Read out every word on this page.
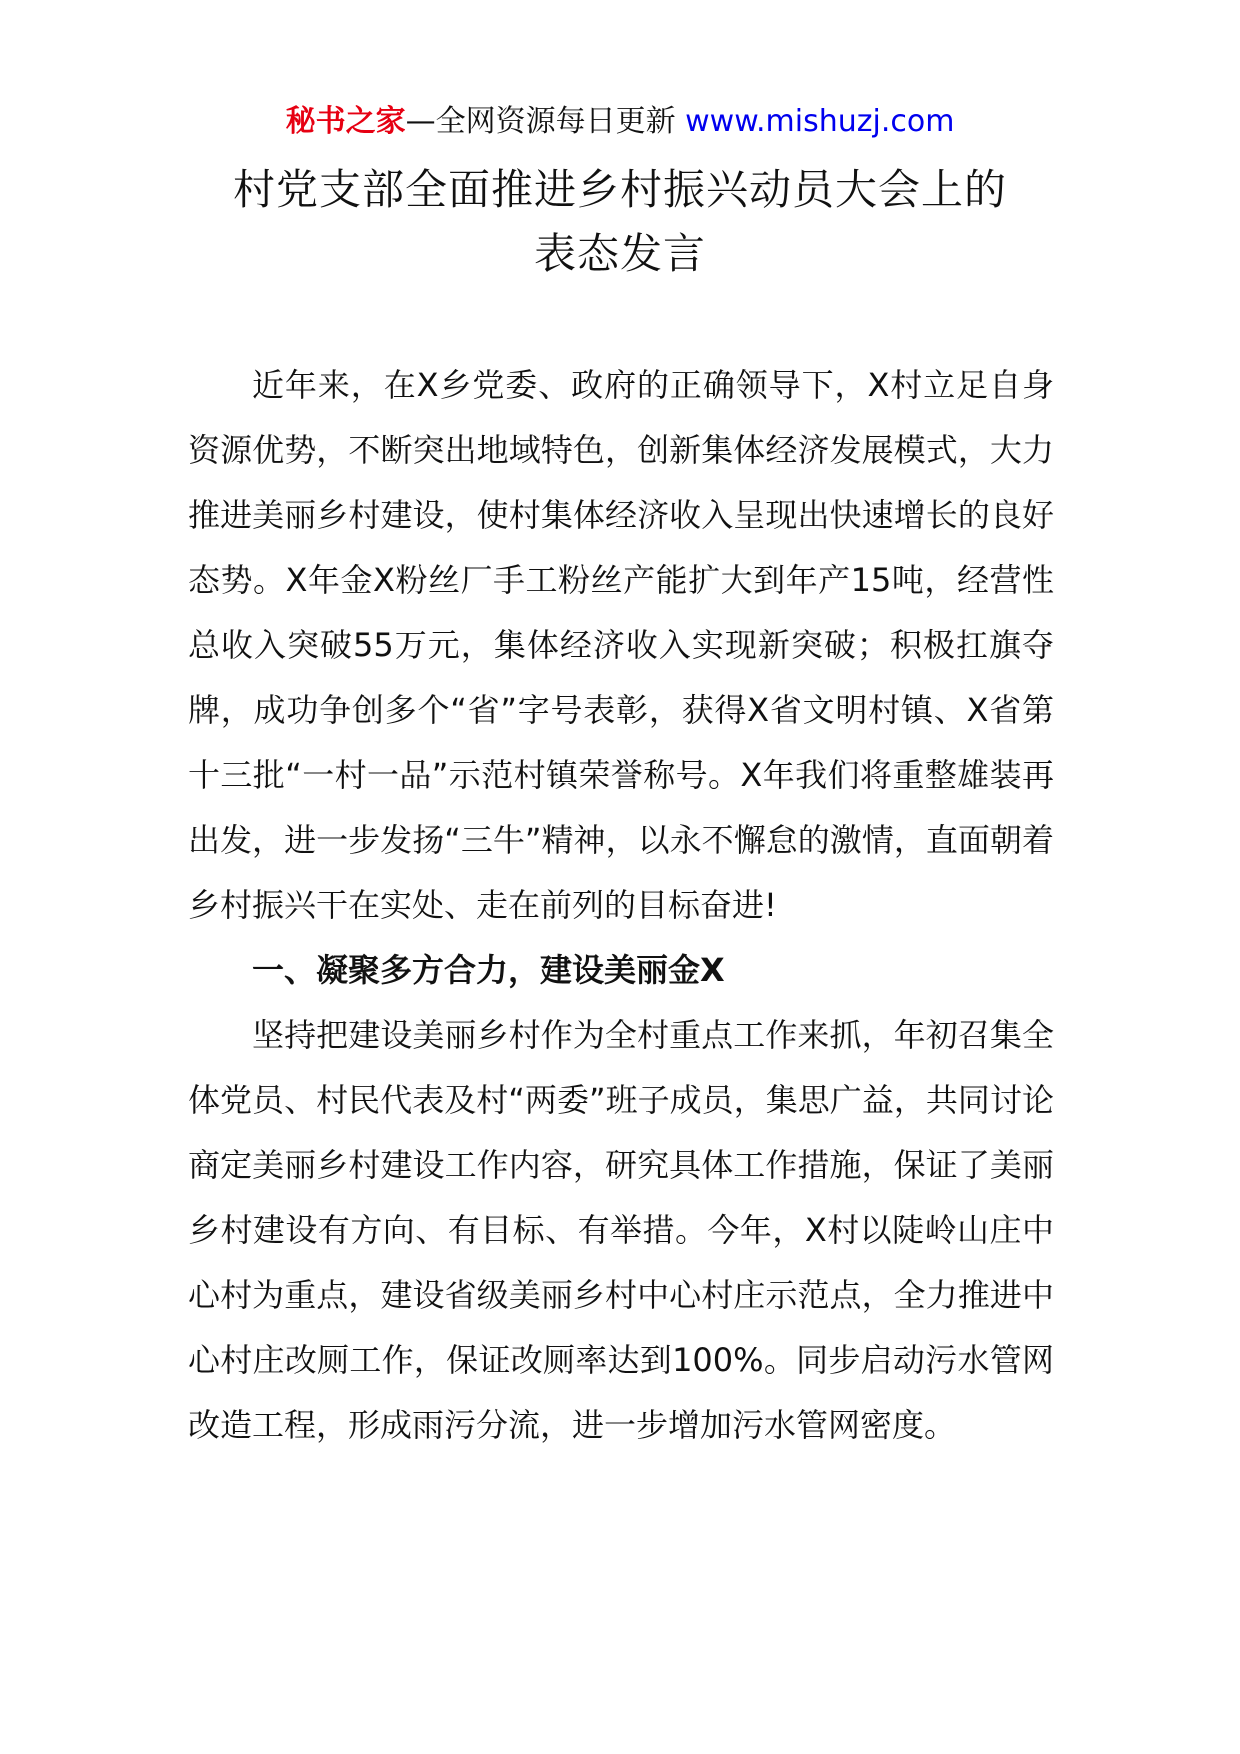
秘书之家—全网资源每日更新 www.mishuzj.com
村党支部全面推进乡村振兴动员大会上的
表态发言

近年来，在X乡党委、政府的正确领导下，X村立足自身资源优势，不断突出地域特色，创新集体经济发展模式，大力推进美丽乡村建设，使村集体经济收入呈现出快速增长的良好态势。X年金X粉丝厂手工粉丝产能扩大到年产15吨，经营性总收入突破55万元，集体经济收入实现新突破；积极扛旗夺牌，成功争创多个“省”字号表彰，获得X省文明村镇、X省第十三批“一村一品”示范村镇荣誉称号。X年我们将重整雄装再出发，进一步发扬“三牛”精神，以永不懈怠的激情，直面朝着乡村振兴干在实处、走在前列的目标奋进!

一、凝聚多方合力，建设美丽金X

坚持把建设美丽乡村作为全村重点工作来抓，年初召集全体党员、村民代表及村“两委”班子成员，集思广益，共同讨论商定美丽乡村建设工作内容，研究具体工作措施，保证了美丽乡村建设有方向、有目标、有举措。今年，X村以陡岭山庄中心村为重点，建设省级美丽乡村中心村庄示范点，全力推进中心村庄改厕工作，保证改厕率达到100%。同步启动污水管网改造工程，形成雨污分流，进一步增加污水管网密度。
